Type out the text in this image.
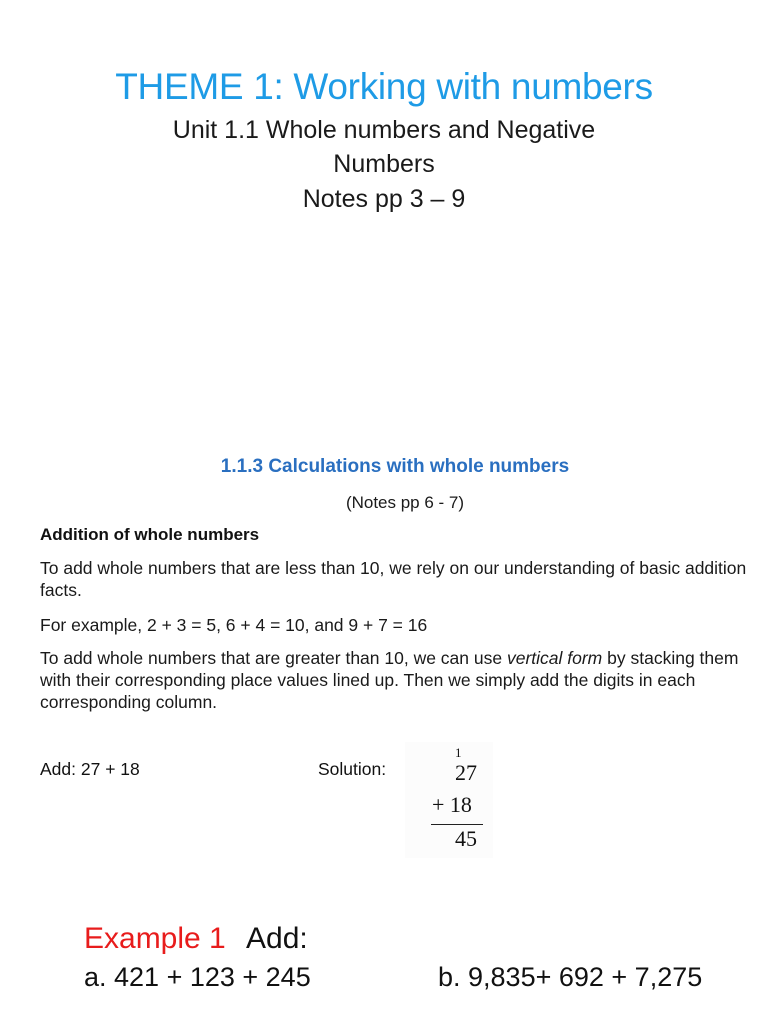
THEME 1: Working with numbers
Unit 1.1 Whole numbers and Negative
Numbers
Notes pp 3 – 9
1.1.3 Calculations with whole numbers
(Notes pp 6 - 7)
Addition of whole numbers
To add whole numbers that are less than 10, we rely on our understanding of basic addition facts.
For example, 2 + 3 = 5, 6 + 4 = 10, and 9 + 7 = 16
To add whole numbers that are greater than 10, we can use vertical form by stacking them with their corresponding place values lined up. Then we simply add the digits in each corresponding column.
Add: 27 + 18	Solution:
1
27
+ 18
45
Example 1 Add:
a. 421 + 123 + 245	b. 9,835+ 692 + 7,275
